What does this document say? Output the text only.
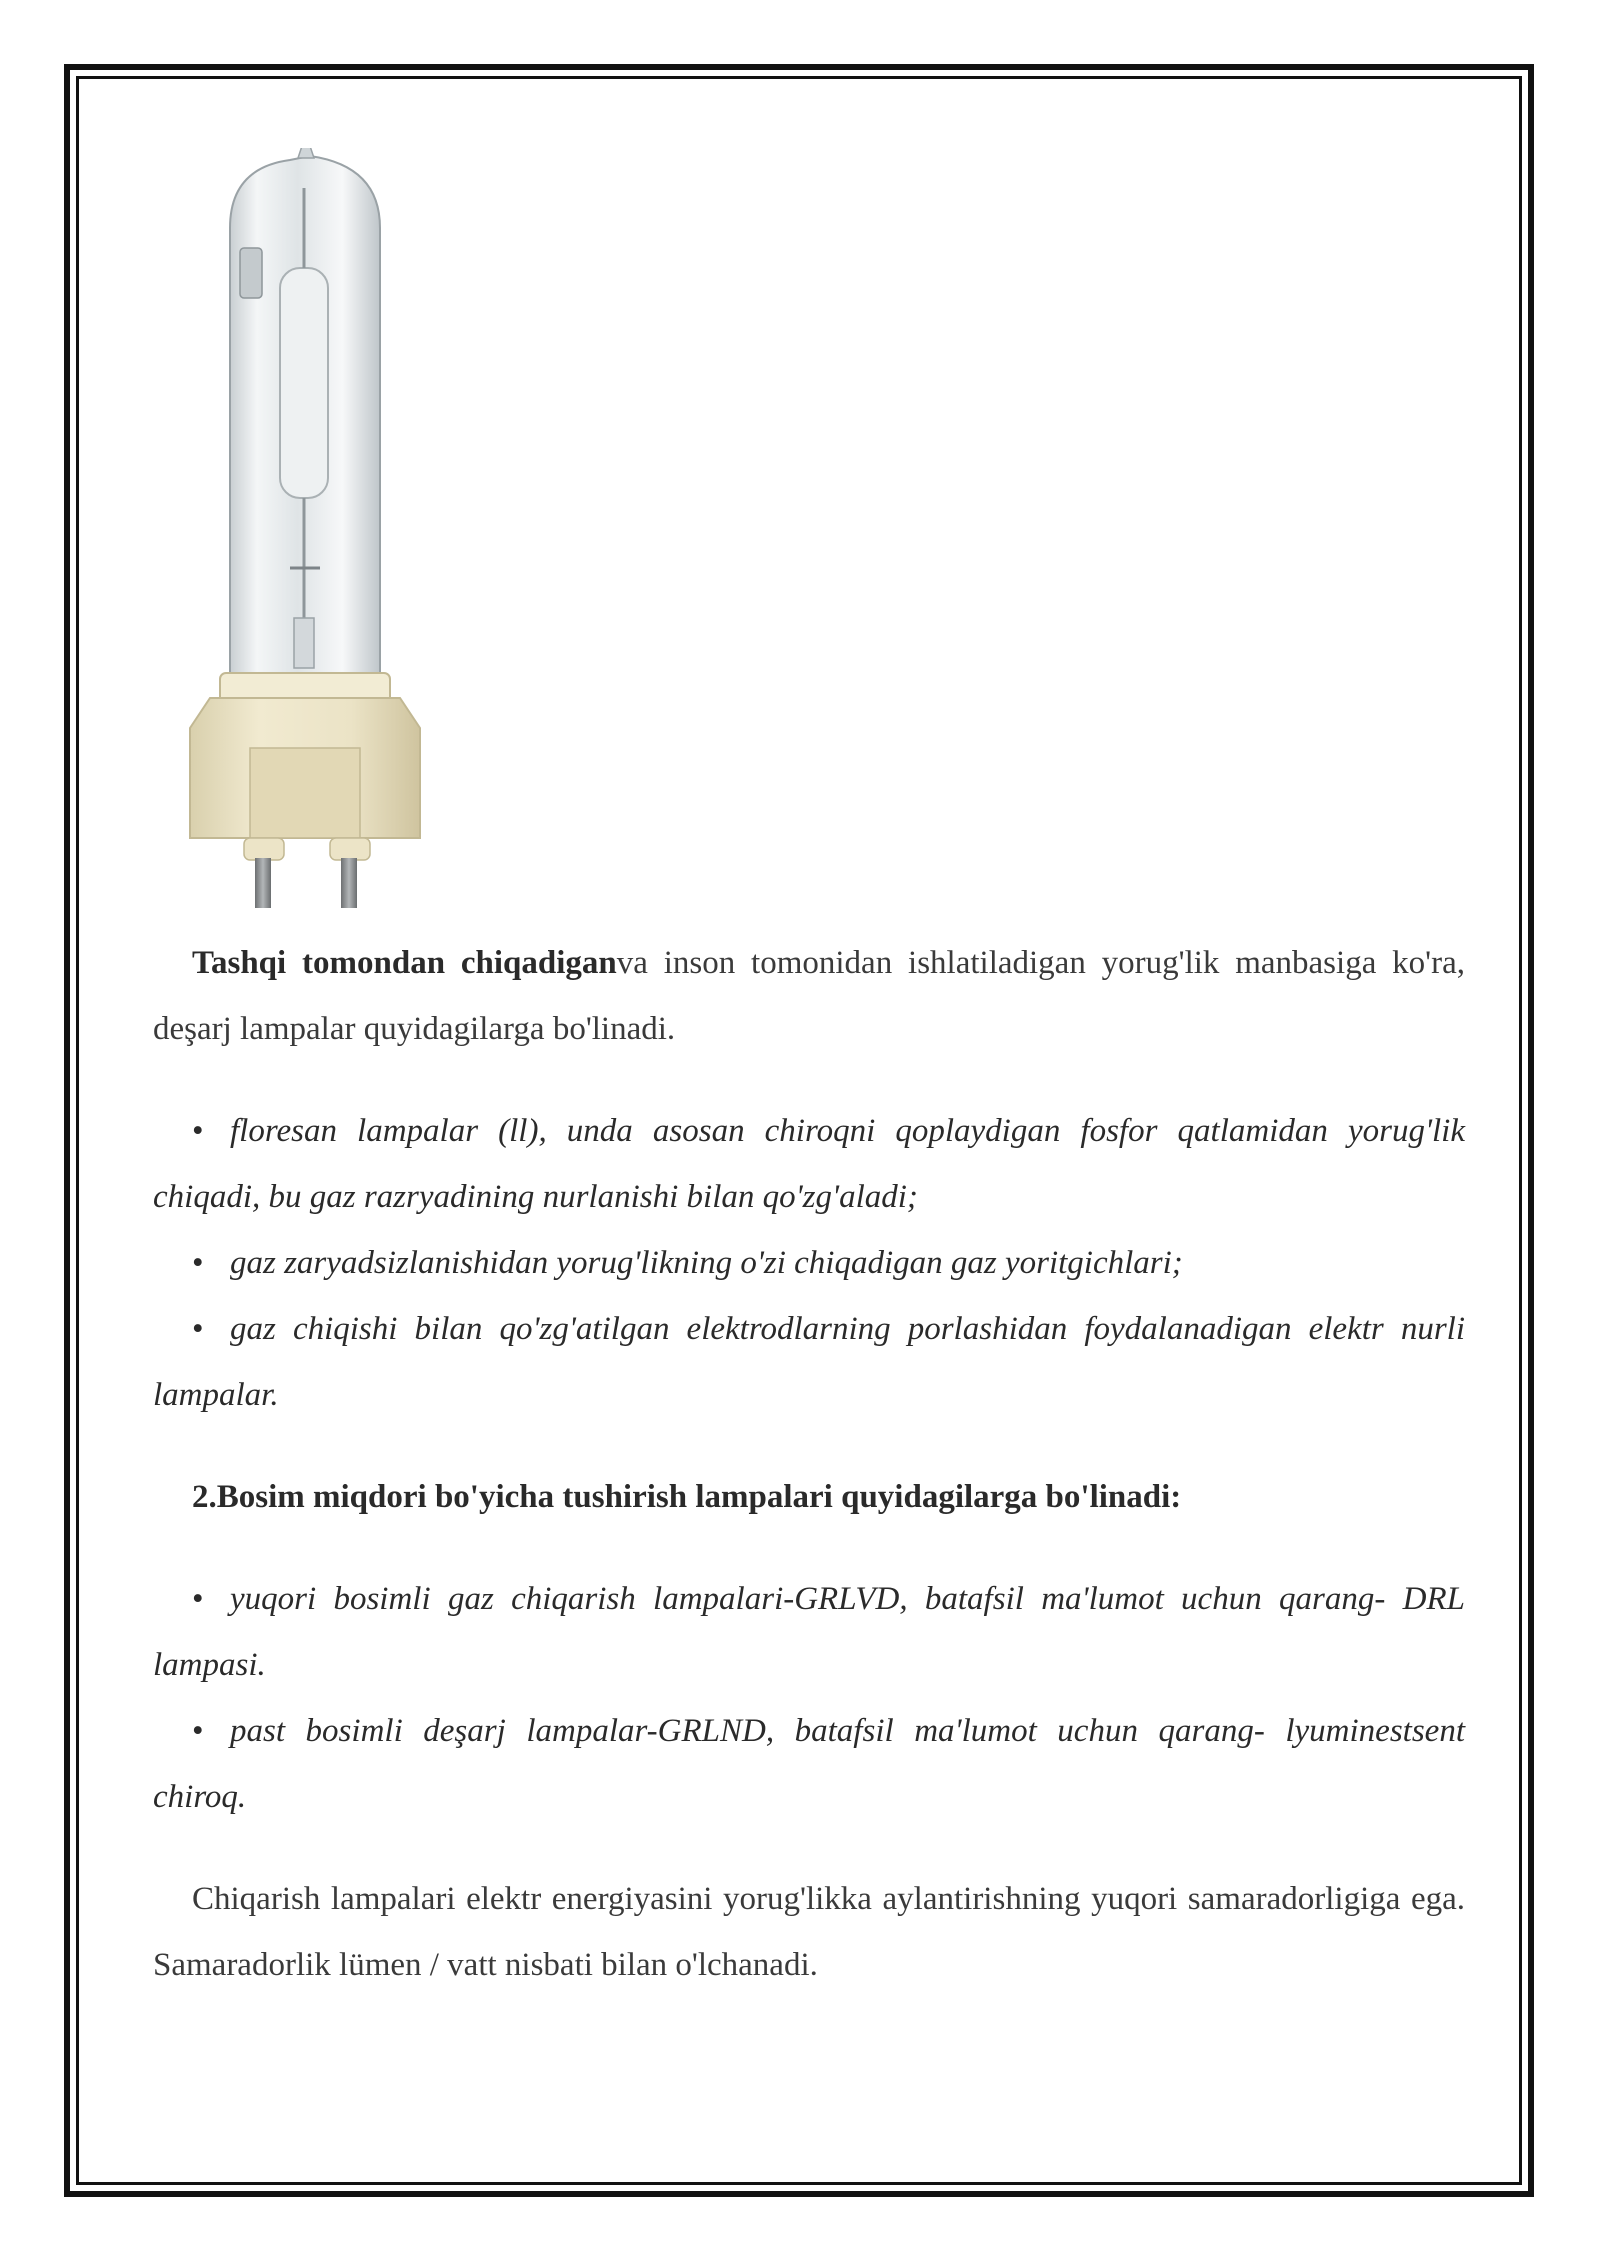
Tashqi tomondan chiqadiganva inson tomonidan ishlatiladigan yorug'lik manbasiga ko'ra, deşarj lampalar quyidagilarga bo'linadi.

• floresan lampalar (ll), unda asosan chiroqni qoplaydigan fosfor qatlamidan yorug'lik chiqadi, bu gaz razryadining nurlanishi bilan qo'zg'aladi;

• gaz zaryadsizlanishidan yorug'likning o'zi chiqadigan gaz yoritgichlari;

• gaz chiqishi bilan qo'zg'atilgan elektrodlarning porlashidan foydalanadigan elektr nurli lampalar.

2.Bosim miqdori bo'yicha tushirish lampalari quyidagilarga bo'linadi:

• yuqori bosimli gaz chiqarish lampalari-GRLVD, batafsil ma'lumot uchun qarang- DRL lampasi.

• past bosimli deşarj lampalar-GRLND, batafsil ma'lumot uchun qarang- lyuminestsent chiroq.

Chiqarish lampalari elektr energiyasini yorug'likka aylantirishning yuqori samaradorligiga ega. Samaradorlik lümen / vatt nisbati bilan o'lchanadi.
